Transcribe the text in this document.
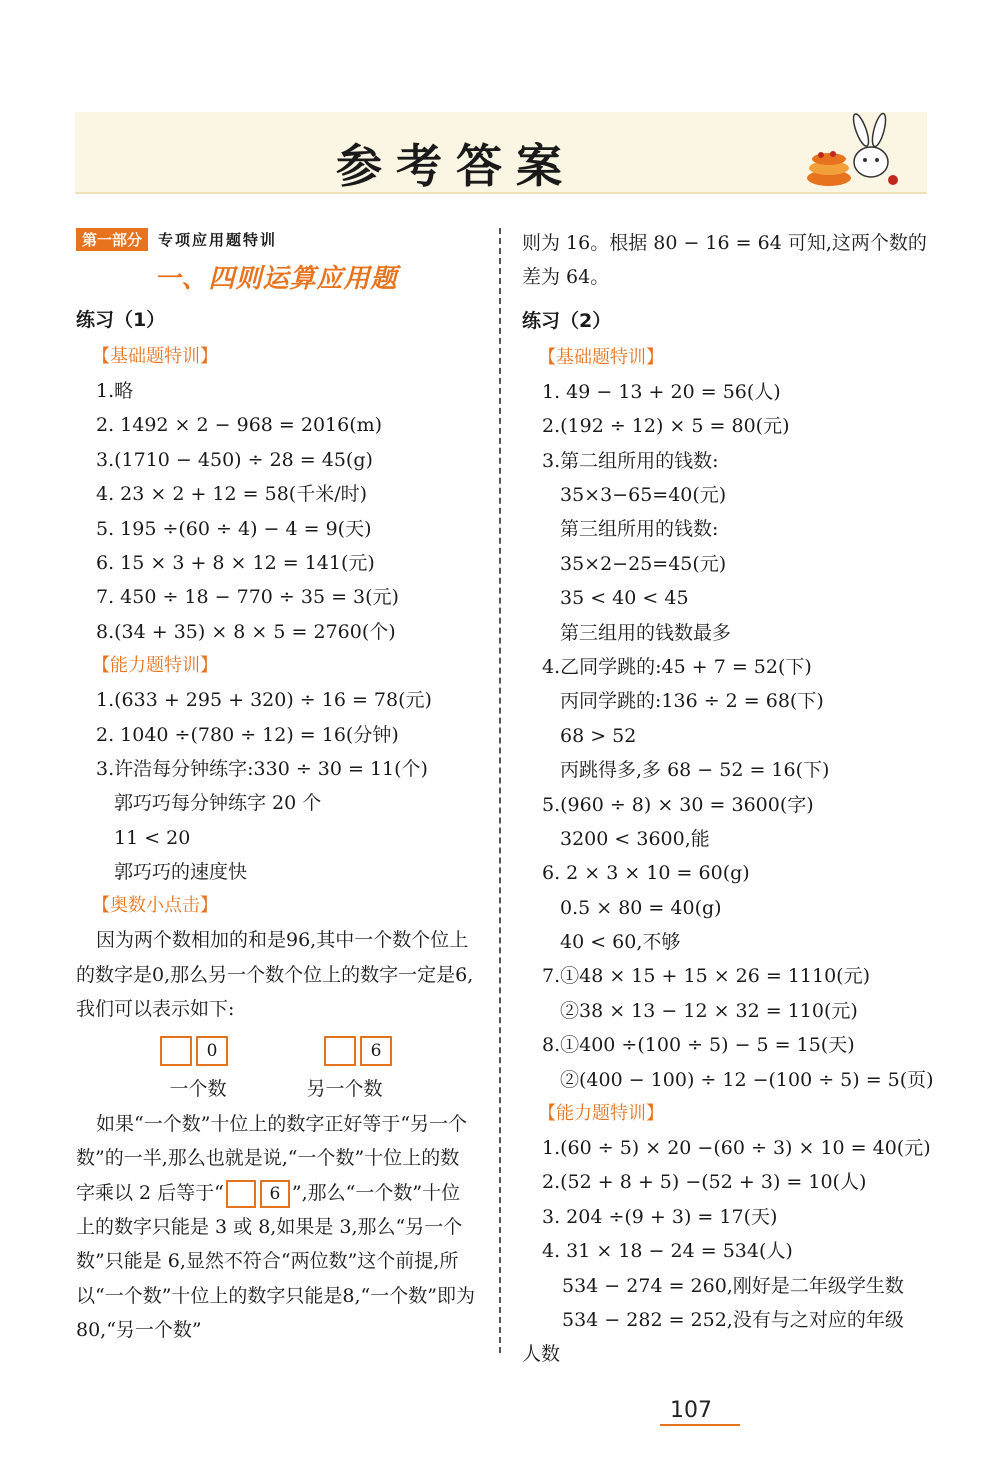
参考答案
第一部分	专项应用题特训
一、四则运算应用题
练习（1）
【基础题特训】
1.略
2. 1492 × 2 − 968 = 2016(m)
3.(1710 − 450) ÷ 28 = 45(g)
4. 23 × 2 + 12 = 58(千米/时)
5. 195 ÷(60 ÷ 4) − 4 = 9(天)
6. 15 × 3 + 8 × 12 = 141(元)
7. 450 ÷ 18 − 770 ÷ 35 = 3(元)
8.(34 + 35) × 8 × 5 = 2760(个)
【能力题特训】
1.(633 + 295 + 320) ÷ 16 = 78(元)
2. 1040 ÷(780 ÷ 12) = 16(分钟)
3.许浩每分钟练字:330 ÷ 30 = 11(个)
郭巧巧每分钟练字 20 个
11 < 20
郭巧巧的速度快
【奥数小点击】

因为两个数相加的和是96,其中一个数个位上的数字是0,那么另一个数个位上的数字一定是6,我们可以表示如下:

0	6
一个数	另一个数

如果“一个数”十位上的数字正好等于“另一个数”的一半,那么也就是说,“一个数”十位上的数字乘以 2 后等于“	6 ”,那么“一个数”十位上的数字只能是 3 或 8,如果是 3,那么“另一个数”只能是 6,显然不符合“两位数”这个前提,所以“一个数”十位上的数字只能是8,“一个数”即为 80,“另一个数”

则为 16。根据 80 − 16 = 64 可知,这两个数的差为 64。

练习（2）
【基础题特训】
1. 49 − 13 + 20 = 56(人)
2.(192 ÷ 12) × 5 = 80(元)
3.第二组所用的钱数:
35×3−65=40(元)
第三组所用的钱数:
35×2−25=45(元)
35 < 40 < 45
第三组用的钱数最多
4.乙同学跳的:45 + 7 = 52(下)
丙同学跳的:136 ÷ 2 = 68(下)
68 > 52
丙跳得多,多 68 − 52 = 16(下)
5.(960 ÷ 8) × 30 = 3600(字)
3200 < 3600,能
6. 2 × 3 × 10 = 60(g)
0.5 × 80 = 40(g)
40 < 60,不够
7.①48 × 15 + 15 × 26 = 1110(元)
②38 × 13 − 12 × 32 = 110(元)
8.①400 ÷(100 ÷ 5) − 5 = 15(天)
②(400 − 100) ÷ 12 −(100 ÷ 5) = 5(页)
【能力题特训】
1.(60 ÷ 5) × 20 −(60 ÷ 3) × 10 = 40(元)
2.(52 + 8 + 5) −(52 + 3) = 10(人)
3. 204 ÷(9 + 3) = 17(天)
4. 31 × 18 − 24 = 534(人)
534 − 274 = 260,刚好是二年级学生数
534 − 282 = 252,没有与之对应的年级
人数
107
